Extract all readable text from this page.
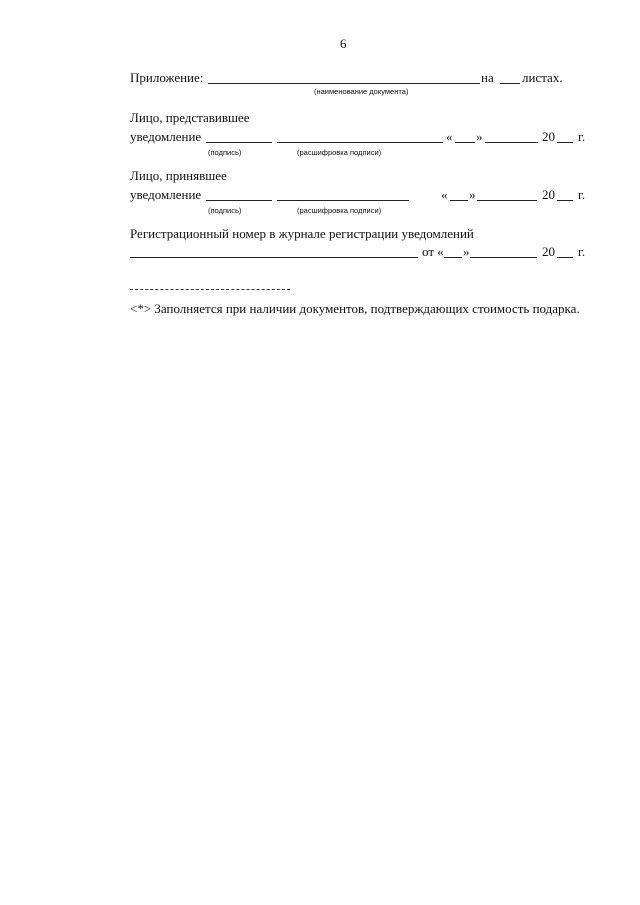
6
Приложение:	на листах.
(наименование документа)
Лицо, представившее
уведомление	« »	20 г.
(подпись)	(расшифровка подписи)
Лицо, принявшее
уведомление	« »	20 г.
(подпись)	(расшифровка подписи)
Регистрационный номер в журнале регистрации уведомлений
от « »	20 г.
<*> Заполняется при наличии документов, подтверждающих стоимость подарка.
